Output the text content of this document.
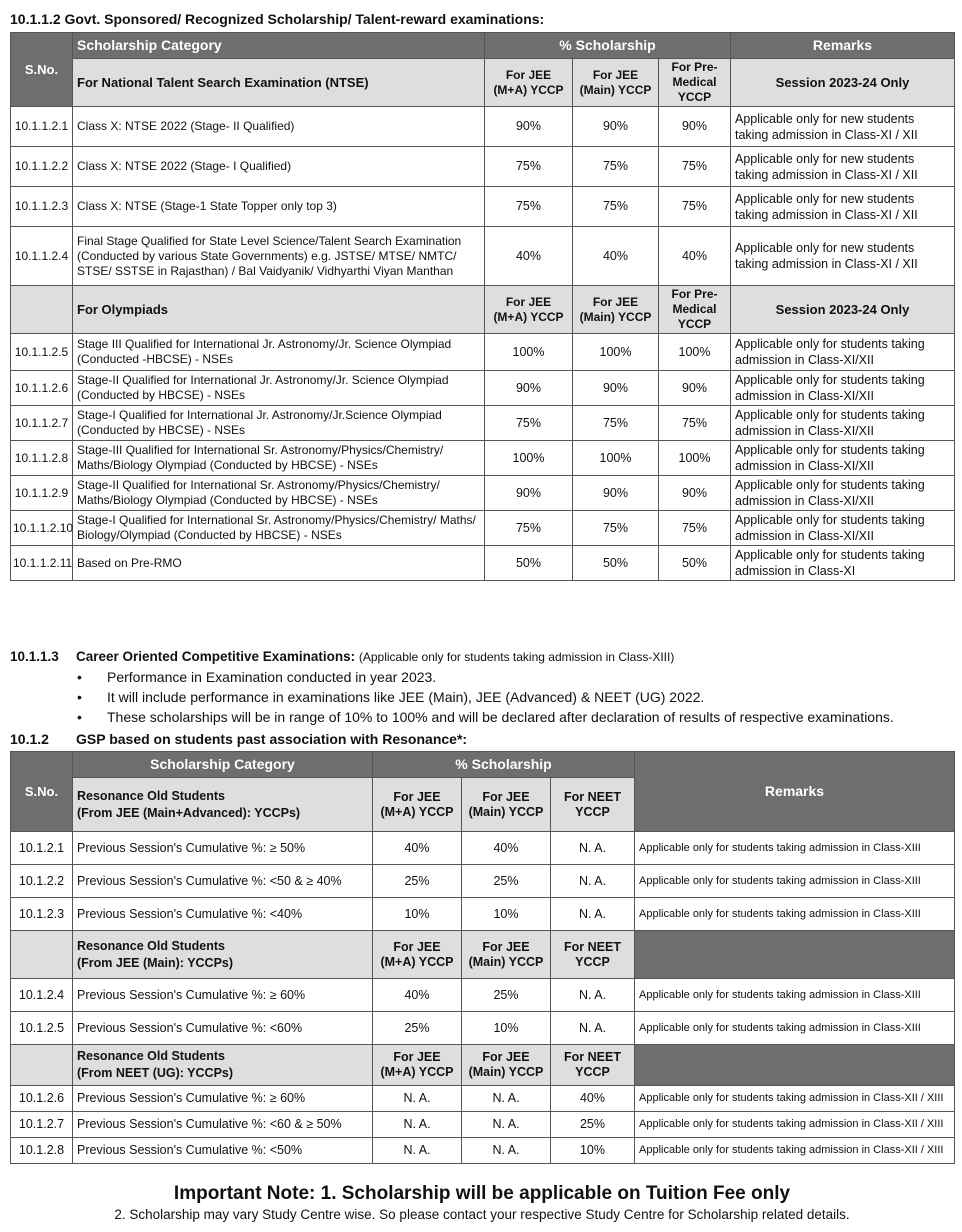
10.1.1.2 Govt. Sponsored/ Recognized Scholarship/ Talent-reward examinations:
S.No.	Scholarship Category	% Scholarship			Remarks
	For National Talent Search Examination (NTSE)	For JEE (M+A) YCCP	For JEE (Main) YCCP	For Pre-Medical YCCP	Session 2023-24 Only
10.1.1.2.1	Class X: NTSE 2022 (Stage- II Qualified)	90%	90%	90%	Applicable only for new students taking admission in Class-XI / XII
10.1.1.2.2	Class X: NTSE 2022 (Stage- I Qualified)	75%	75%	75%	Applicable only for new students taking admission in Class-XI / XII
10.1.1.2.3	Class X: NTSE (Stage-1 State Topper only top 3)	75%	75%	75%	Applicable only for new students taking admission in Class-XI / XII
10.1.1.2.4	Final Stage Qualified for State Level Science/Talent Search Examination (Conducted by various State Governments) e.g. JSTSE/ MTSE/ NMTC/ STSE/ SSTSE in Rajasthan) / Bal Vaidyanik/ Vidhyarthi Viyan Manthan	40%	40%	40%	Applicable only for new students taking admission in Class-XI / XII
	For Olympiads	For JEE (M+A) YCCP	For JEE (Main) YCCP	For Pre-Medical YCCP	Session 2023-24 Only
10.1.1.2.5	Stage III Qualified for International Jr. Astronomy/Jr. Science Olympiad (Conducted -HBCSE) - NSEs	100%	100%	100%	Applicable only for students taking admission in Class-XI/XII
10.1.1.2.6	Stage-II Qualified for International Jr. Astronomy/Jr. Science Olympiad (Conducted by HBCSE) - NSEs	90%	90%	90%	Applicable only for students taking admission in Class-XI/XII
10.1.1.2.7	Stage-I Qualified for International Jr. Astronomy/Jr.Science Olympiad (Conducted by HBCSE) - NSEs	75%	75%	75%	Applicable only for students taking admission in Class-XI/XII
10.1.1.2.8	Stage-III Qualified for International Sr. Astronomy/Physics/Chemistry/ Maths/Biology Olympiad (Conducted by HBCSE) - NSEs	100%	100%	100%	Applicable only for students taking admission in Class-XI/XII
10.1.1.2.9	Stage-II Qualified for International Sr. Astronomy/Physics/Chemistry/ Maths/Biology Olympiad (Conducted by HBCSE) - NSEs	90%	90%	90%	Applicable only for students taking admission in Class-XI/XII
10.1.1.2.10	Stage-I Qualified for International Sr. Astronomy/Physics/Chemistry/ Maths/ Biology/Olympiad (Conducted by HBCSE) - NSEs	75%	75%	75%	Applicable only for students taking admission in Class-XI/XII
10.1.1.2.11	Based on Pre-RMO	50%	50%	50%	Applicable only for students taking admission in Class-XI
10.1.1.3 Career Oriented Competitive Examinations: (Applicable only for students taking admission in Class-XIII)
• Performance in Examination conducted in year 2023.
• It will include performance in examinations like JEE (Main), JEE (Advanced) & NEET (UG) 2022.
• These scholarships will be in range of 10% to 100% and will be declared after declaration of results of respective examinations.
10.1.2 GSP based on students past association with Resonance*:
S.No.	Scholarship Category	% Scholarship			Remarks

	Resonance Old Students
(From JEE (Main+Advanced): YCCPs)	For JEE (M+A) YCCP	For JEE (Main) YCCP	For NEET YCCP	
10.1.2.1	Previous Session's Cumulative %: ≥ 50%	40%	40%	N. A.	Applicable only for students taking admission in Class-XIII
10.1.2.2	Previous Session's Cumulative %: <50 & ≥ 40%	25%	25%	N. A.	Applicable only for students taking admission in Class-XIII
10.1.2.3	Previous Session's Cumulative %: <40%	10%	10%	N. A.	Applicable only for students taking admission in Class-XIII

	Resonance Old Students
(From JEE (Main): YCCPs)	For JEE (M+A) YCCP	For JEE (Main) YCCP	For NEET YCCP	
10.1.2.4	Previous Session's Cumulative %: ≥ 60%	40%	25%	N. A.	Applicable only for students taking admission in Class-XIII
10.1.2.5	Previous Session's Cumulative %: <60%	25%	10%	N. A.	Applicable only for students taking admission in Class-XIII

	Resonance Old Students
(From NEET (UG): YCCPs)	For JEE (M+A) YCCP	For JEE (Main) YCCP	For NEET YCCP	
10.1.2.6	Previous Session's Cumulative %: ≥ 60%	N. A.	N. A.	40%	Applicable only for students taking admission in Class-XII / XIII
10.1.2.7	Previous Session's Cumulative %: <60 & ≥ 50%	N. A.	N. A.	25%	Applicable only for students taking admission in Class-XII / XIII
10.1.2.8	Previous Session's Cumulative %: <50%	N. A.	N. A.	10%	Applicable only for students taking admission in Class-XII / XIII
Important Note: 1. Scholarship will be applicable on Tuition Fee only
2. Scholarship may vary Study Centre wise. So please contact your respective Study Centre for Scholarship related details.
